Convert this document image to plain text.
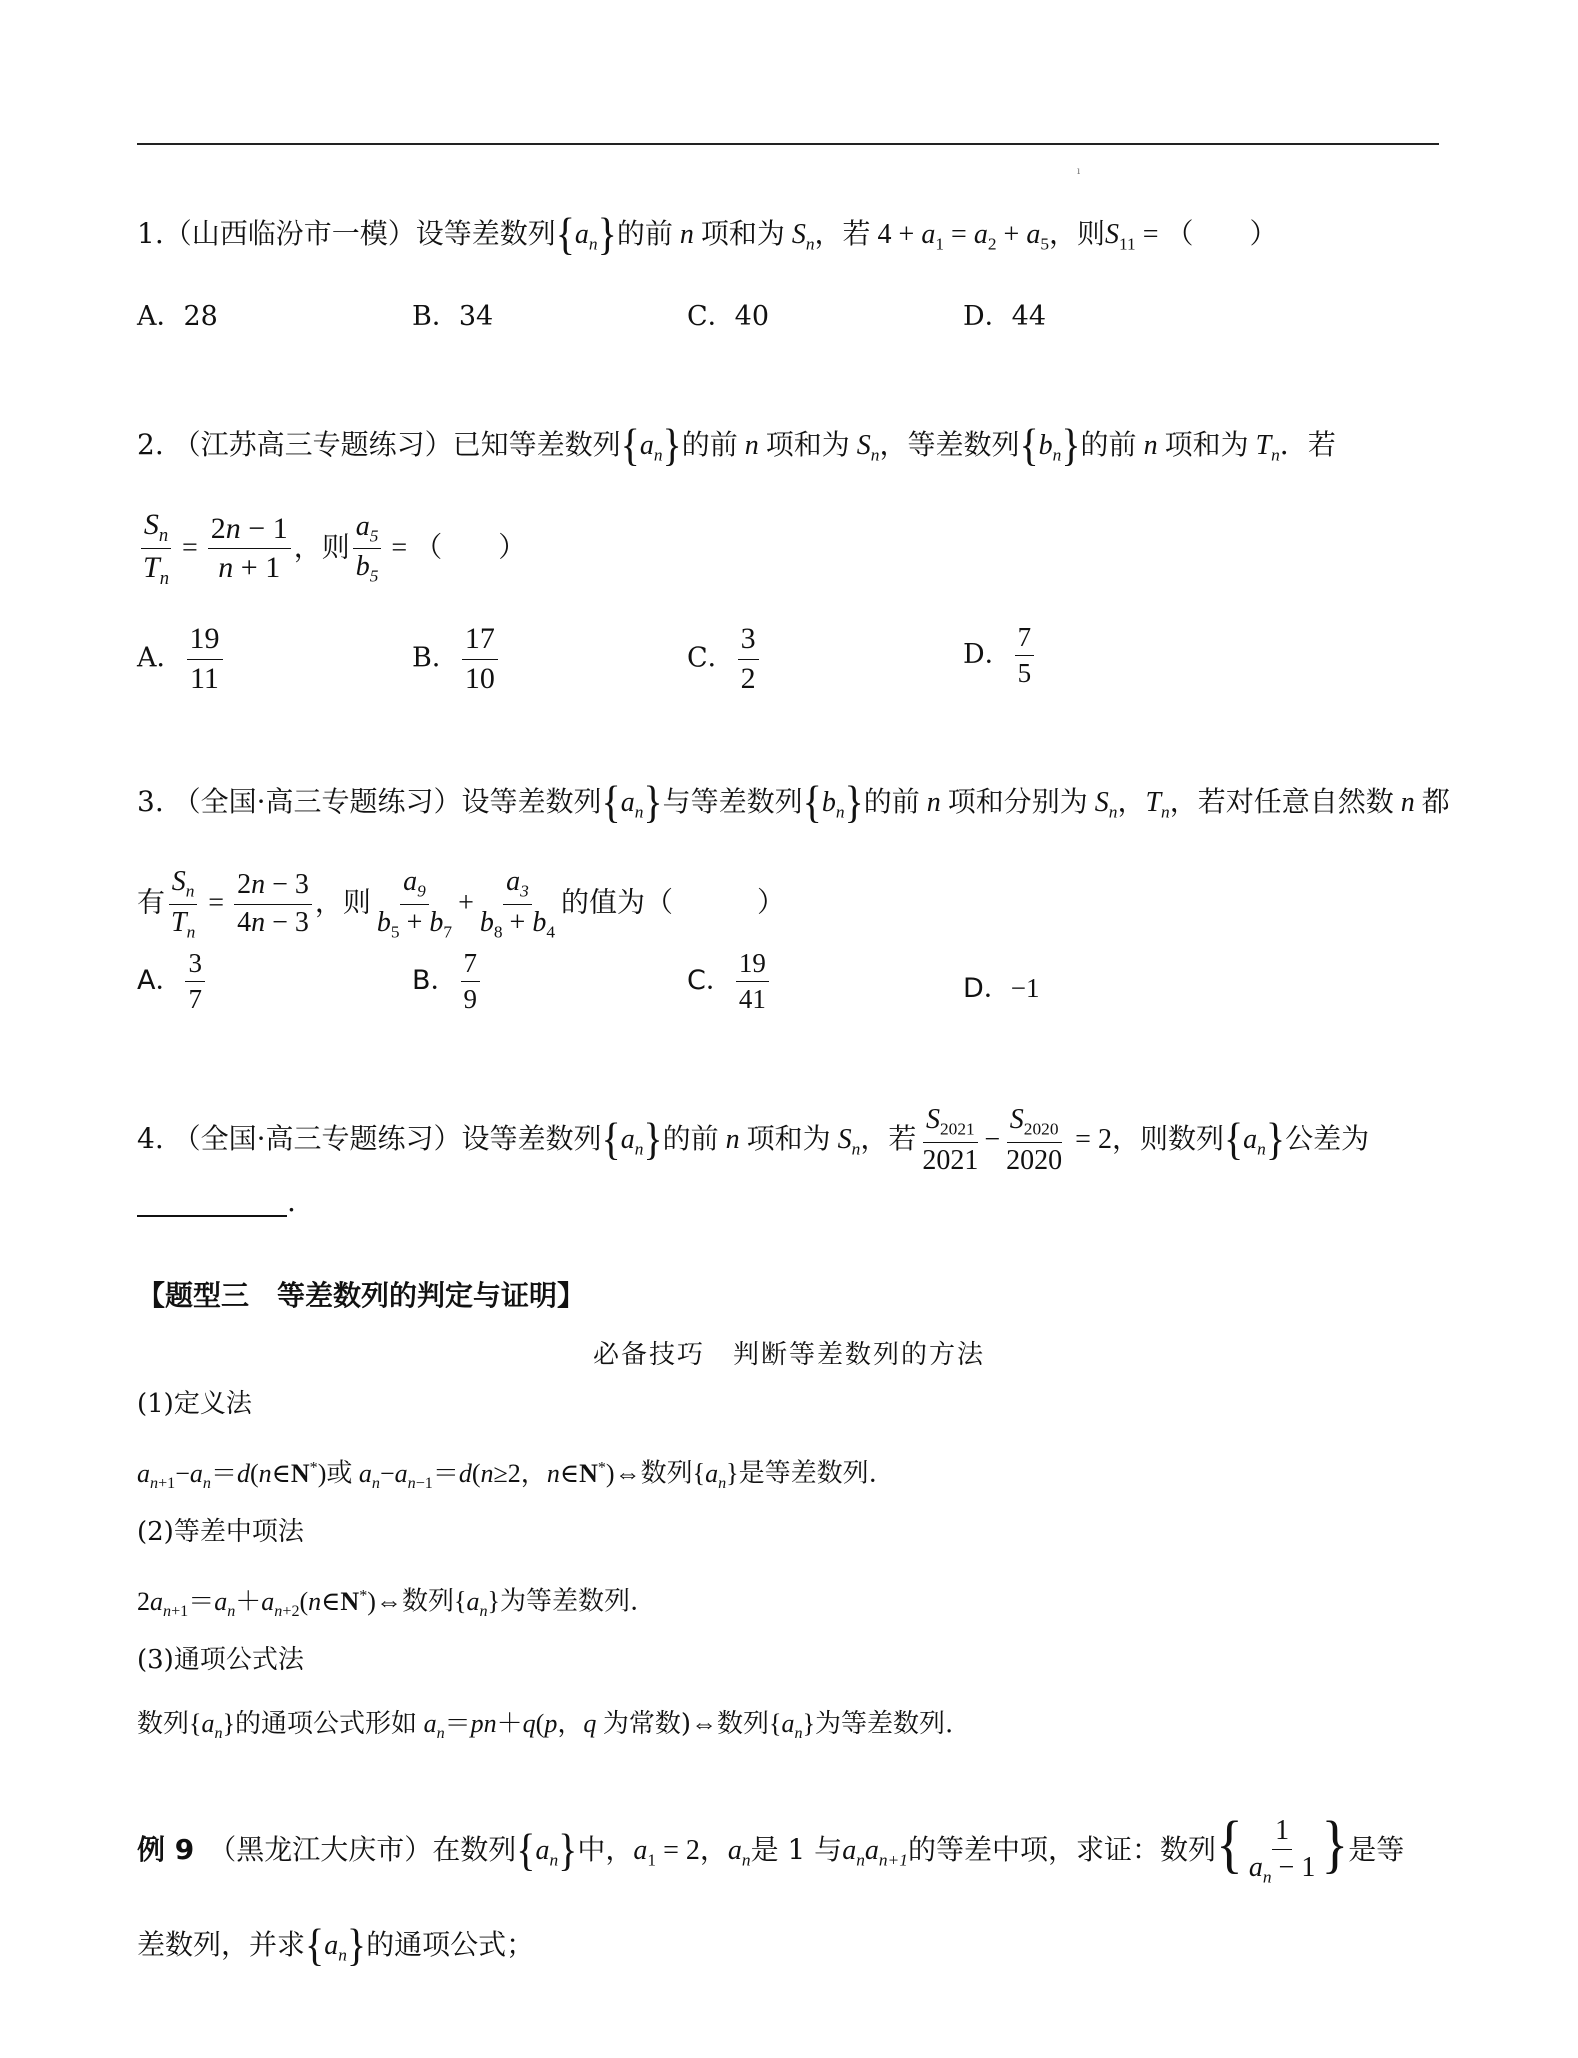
ı
1.（山西临汾市一模）设等差数列$\{a_n\}$的前 n 项和为 $S_n$，若 $4 + a_1 = a_2 + a_5$，则$S_{11}$ = （　　）
A．28	B．34	C．40	D．44
2. （江苏高三专题练习）已知等差数列$\{a_n\}$的前 n 项和为 $S_n$，等差数列$\{b_n\}$的前 n 项和为 $T_n$．若
$\frac{S_n}{T_n} = \frac{2n - 1}{n + 1}$ ，则 $\frac{a_5}{b_5}$ = （　　）
A． $\frac{19}{11}$	B． $\frac{17}{10}$	C． $\frac{3}{2}$	D． $\frac{7}{5}$
3. （全国·高三专题练习）设等差数列$\{a_n\}$与等差数列$\{b_n\}$的前 n 项和分别为 $S_n$，$T_n$，若对任意自然数 n 都
有 $\frac{S_n}{T_n} = \frac{2n - 3}{4n - 3}$ ，则 $\frac{a_9}{b_5 + b_7} + \frac{a_3}{b_8 + b_4}$ 的值为（　　　）
A． $\frac{3}{7}$	B． $\frac{7}{9}$	C． $\frac{19}{41}$	D．−1
4. （全国·高三专题练习）设等差数列$\{a_n\}$的前 n 项和为 $S_n$，若 $\frac{S_{2021}}{2021} - \frac{S_{2020}}{2020} = 2$，则数列$\{a_n\}$公差为
.
【题型三　等差数列的判定与证明】
必备技巧　判断等差数列的方法
(1)定义法
$a_{n+1}-a_n=d(n\in N^*)$或 $a_n-a_{n-1}=d(n\ge 2$，n∈N*)⇔数列$\{a_n\}$是等差数列.
(2)等差中项法
$2a_{n+1}=a_n+a_{n+2}(n\in N^*)\Leftrightarrow$数列$\{a_n\}$为等差数列.
(3)通项公式法
数列$\{a_n\}$的通项公式形如 $a_n=pn+q(p$，q 为常数)⇔数列$\{a_n\}$为等差数列.
例 9　 （黑龙江大庆市）在数列$\{a_n\}$中，$a_1 = 2$，$a_n$是 1 与$a_na_{n+1}$的等差中项，求证：数列{ $\frac{1}{a_n - 1}$ }是等
差数列，并求$\{a_n\}$的通项公式；
